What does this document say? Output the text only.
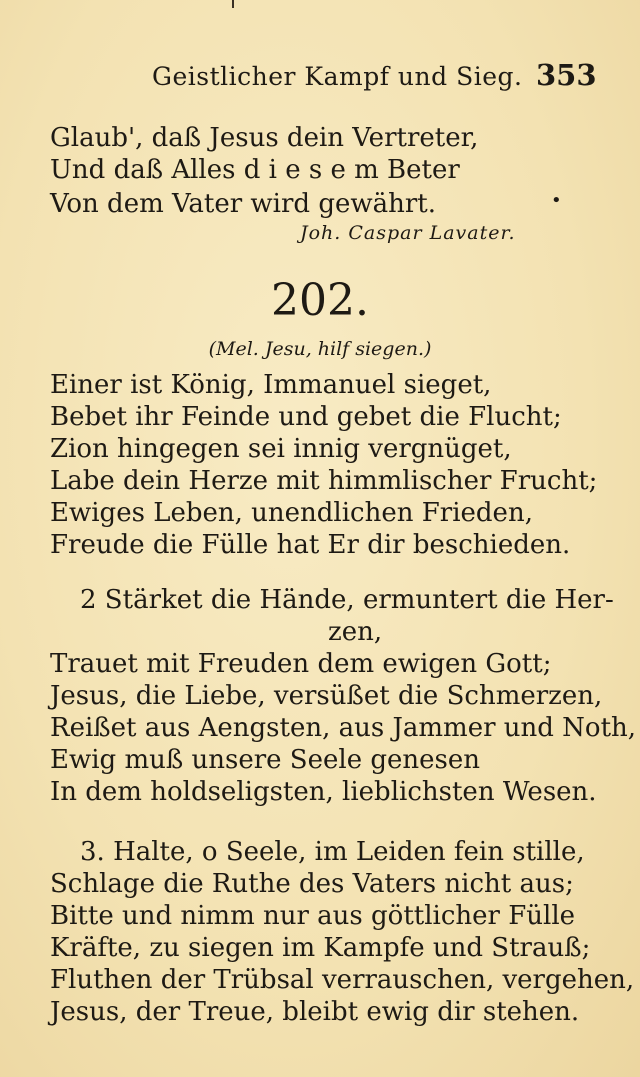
Geistlicher Kampf und Sieg. 353
Glaub', daß Jesus dein Vertreter,
Und daß Alles d i e s e m Beter
Von dem Vater wird gewährt.	•
Joh. Caspar Lavater.
202.
(Mel. Jesu, hilf siegen.)
Einer ist König, Immanuel sieget,
Bebet ihr Feinde und gebet die Flucht;
Zion hingegen sei innig vergnüget,
Labe dein Herze mit himmlischer Frucht;
Ewiges Leben, unendlichen Frieden,
Freude die Fülle hat Er dir beschieden.
2 Stärket die Hände, ermuntert die Her-
zen,
Trauet mit Freuden dem ewigen Gott;
Jesus, die Liebe, versüßet die Schmerzen,
Reißet aus Aengsten, aus Jammer und Noth,
Ewig muß unsere Seele genesen
In dem holdseligsten, lieblichsten Wesen.
3. Halte, o Seele, im Leiden fein stille,
Schlage die Ruthe des Vaters nicht aus;
Bitte und nimm nur aus göttlicher Fülle
Kräfte, zu siegen im Kampfe und Strauß;
Fluthen der Trübsal verrauschen, vergehen,
Jesus, der Treue, bleibt ewig dir stehen.
